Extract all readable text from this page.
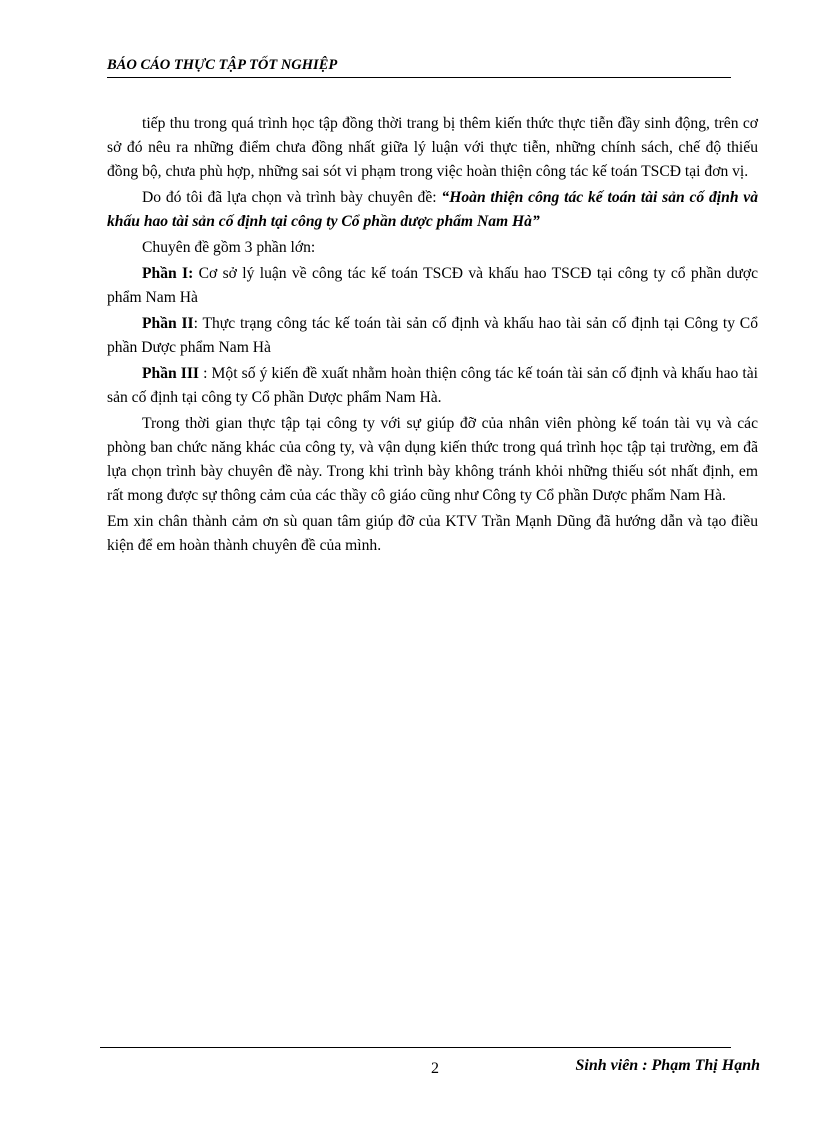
BÁO CÁO THỰC TẬP TỐT NGHIỆP

tiếp thu trong quá trình học tập đồng thời trang bị thêm kiến thức thực tiễn đầy sinh động, trên cơ sở đó nêu ra những điểm chưa đồng nhất giữa lý luận với thực tiễn, những chính sách, chế độ thiếu đồng bộ, chưa phù hợp, những sai sót vi phạm trong việc hoàn thiện công tác kế toán TSCĐ tại đơn vị.

Do đó tôi đã lựa chọn và trình bày chuyên đề: “Hoàn thiện công tác kế toán tài sản cố định và khấu hao tài sản cố định tại công ty Cổ phần dược phẩm Nam Hà”

Chuyên đề gồm 3 phần lớn:

Phần I: Cơ sở lý luận về công tác kế toán TSCĐ và khấu hao TSCĐ tại công ty cổ phần dược phẩm Nam Hà

Phần II: Thực trạng công tác kế toán tài sản cố định và khấu hao tài sản cố định tại Công ty Cổ phần Dược phẩm Nam Hà

Phần III : Một số ý kiến đề xuất nhằm hoàn thiện công tác kế toán tài sản cố định và khấu hao tài sản cố định tại công ty Cổ phần Dược phẩm Nam Hà.

Trong thời gian thực tập tại công ty với sự giúp đỡ của nhân viên phòng kế toán tài vụ và các phòng ban chức năng khác của công ty, và vận dụng kiến thức trong quá trình học tập tại trường, em đã lựa chọn trình bày chuyên đề này. Trong khi trình bày không tránh khỏi những thiếu sót nhất định, em rất mong được sự thông cảm của các thầy cô giáo cũng như Công ty Cổ phần Dược phẩm Nam Hà.

Em xin chân thành cảm ơn sù quan tâm giúp đỡ của KTV Trần Mạnh Dũng đã hướng dẫn và tạo điều kiện để em hoàn thành chuyên đề của mình.

2	Sinh viên : Phạm Thị Hạnh
